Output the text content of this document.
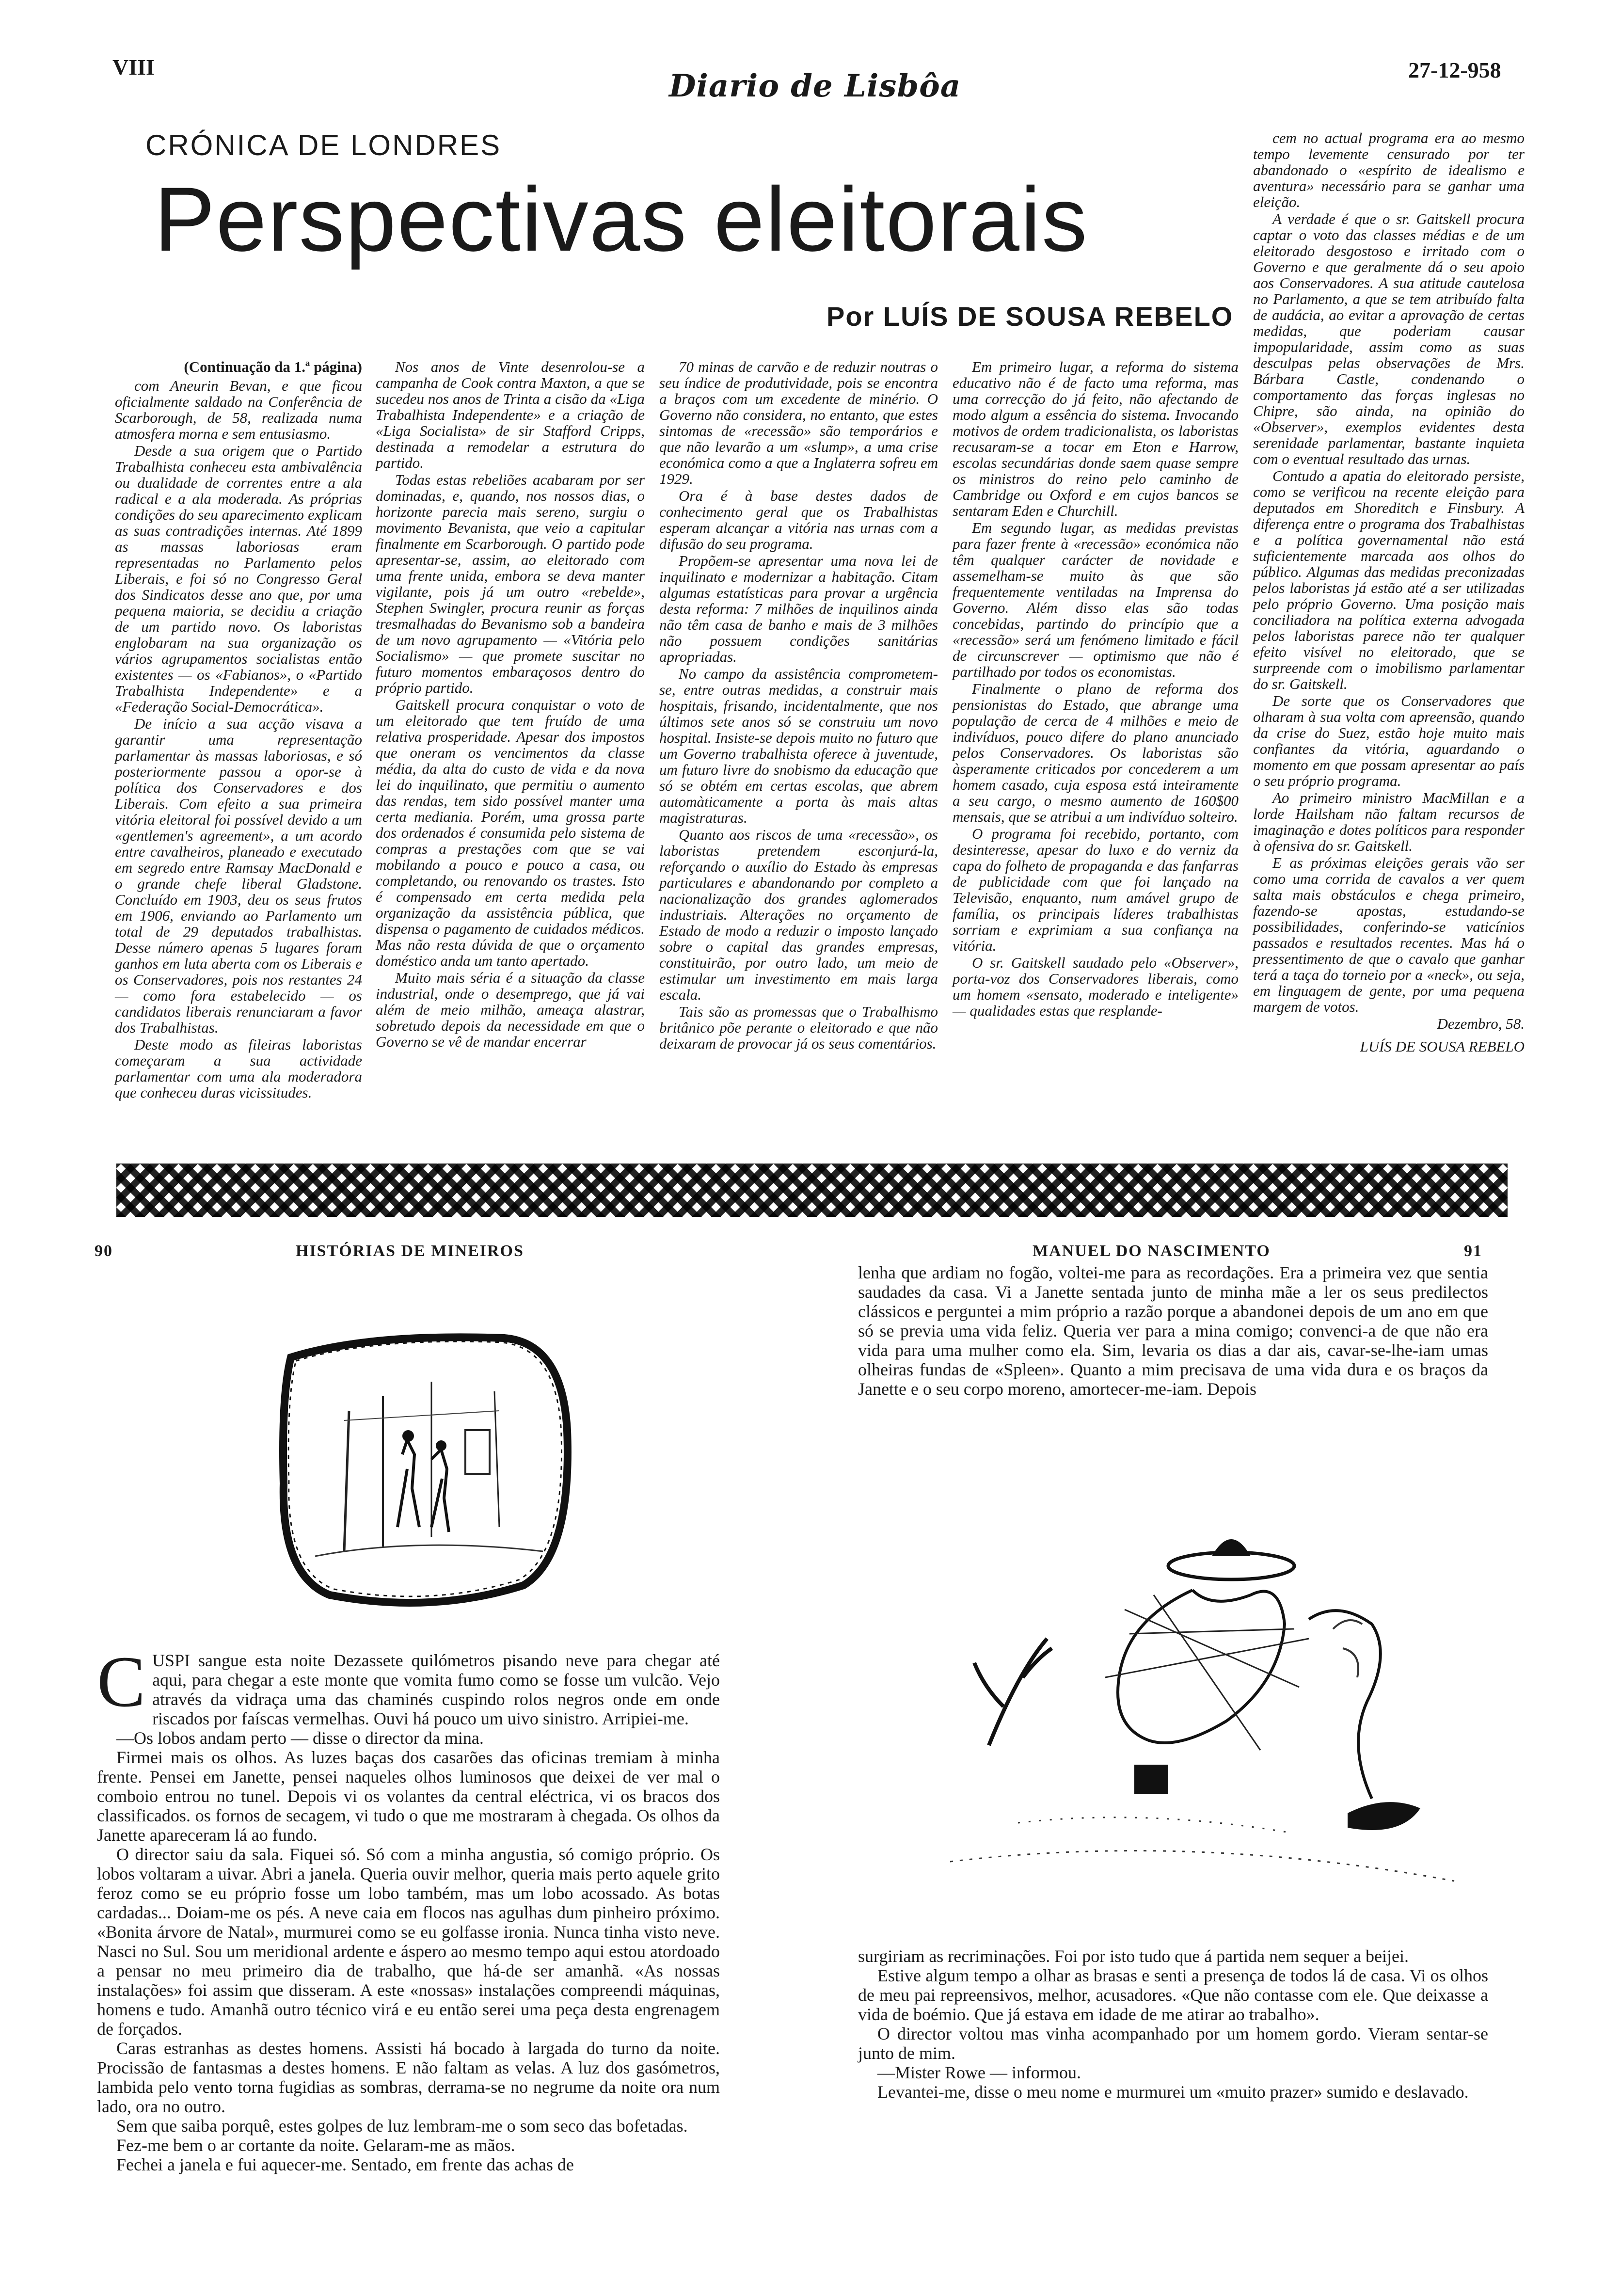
VIII
Diario de Lisbôa	27-12-958
CRÓNICA DE LONDRES
Perspectivas eleitorais
Por LUÍS DE SOUSA REBELO

(Continuação da 1.ª página)

com Aneurin Bevan, e que ficou oficialmente saldado na Conferência de Scarborough, de 58, realizada numa atmosfera morna e sem entusiasmo.

Desde a sua origem que o Partido Trabalhista conheceu esta ambivalência ou dualidade de correntes entre a ala radical e a ala moderada. As próprias condições do seu aparecimento explicam as suas contradições internas. Até 1899 as massas laboriosas eram representadas no Parlamento pelos Liberais, e foi só no Congresso Geral dos Sindicatos desse ano que, por uma pequena maioria, se decidiu a criação de um partido novo. Os laboristas englobaram na sua organização os vários agrupamentos socialistas então existentes — os «Fabianos», o «Partido Trabalhista Independente» e a «Federação Social-Democrática».

De início a sua acção visava a garantir uma representação parlamentar às massas laboriosas, e só posteriormente passou a opor-se à política dos Conservadores e dos Liberais. Com efeito a sua primeira vitória eleitoral foi possível devido a um «gentlemen's agreement», a um acordo entre cavalheiros, planeado e executado em segredo entre Ramsay MacDonald e o grande chefe liberal Gladstone. Concluído em 1903, deu os seus frutos em 1906, enviando ao Parlamento um total de 29 deputados trabalhistas. Desse número apenas 5 lugares foram ganhos em luta aberta com os Liberais e os Conservadores, pois nos restantes 24 — como fora estabelecido — os candidatos liberais renunciaram a favor dos Trabalhistas.

Deste modo as fileiras laboristas começaram a sua actividade parlamentar com uma ala moderadora que conheceu duras vicissitudes.

Nos anos de Vinte desenrolou-se a campanha de Cook contra Maxton, a que se sucedeu nos anos de Trinta a cisão da «Liga Trabalhista Independente» e a criação de «Liga Socialista» de sir Stafford Cripps, destinada a remodelar a estrutura do partido.

Todas estas rebeliões acabaram por ser dominadas, e, quando, nos nossos dias, o horizonte parecia mais sereno, surgiu o movimento Bevanista, que veio a capitular finalmente em Scarborough. O partido pode apresentar-se, assim, ao eleitorado com uma frente unida, embora se deva manter vigilante, pois já um outro «rebelde», Stephen Swingler, procura reunir as forças tresmalhadas do Bevanismo sob a bandeira de um novo agrupamento — «Vitória pelo Socialismo» — que promete suscitar no futuro momentos embaraçosos dentro do próprio partido.

Gaitskell procura conquistar o voto de um eleitorado que tem fruído de uma relativa prosperidade. Apesar dos impostos que oneram os vencimentos da classe média, da alta do custo de vida e da nova lei do inquilinato, que permitiu o aumento das rendas, tem sido possível manter uma certa mediania. Porém, uma grossa parte dos ordenados é consumida pelo sistema de compras a prestações com que se vai mobilando a pouco e pouco a casa, ou completando, ou renovando os trastes. Isto é compensado em certa medida pela organização da assistência pública, que dispensa o pagamento de cuidados médicos. Mas não resta dúvida de que o orçamento doméstico anda um tanto apertado.

Muito mais séria é a situação da classe industrial, onde o desemprego, que já vai além de meio milhão, ameaça alastrar, sobretudo depois da necessidade em que o Governo se vê de mandar encerrar

70 minas de carvão e de reduzir noutras o seu índice de produtividade, pois se encontra a braços com um excedente de minério. O Governo não considera, no entanto, que estes sintomas de «recessão» são temporários e que não levarão a um «slump», a uma crise económica como a que a Inglaterra sofreu em 1929.

Ora é à base destes dados de conhecimento geral que os Trabalhistas esperam alcançar a vitória nas urnas com a difusão do seu programa.

Propõem-se apresentar uma nova lei de inquilinato e modernizar a habitação. Citam algumas estatísticas para provar a urgência desta reforma: 7 milhões de inquilinos ainda não têm casa de banho e mais de 3 milhões não possuem condições sanitárias apropriadas.

No campo da assistência comprometem-se, entre outras medidas, a construir mais hospitais, frisando, incidentalmente, que nos últimos sete anos só se construiu um novo hospital. Insiste-se depois muito no futuro que um Governo trabalhista oferece à juventude, um futuro livre do snobismo da educação que só se obtém em certas escolas, que abrem automàticamente a porta às mais altas magistraturas.

Quanto aos riscos de uma «recessão», os laboristas pretendem esconjurá-la, reforçando o auxílio do Estado às empresas particulares e abandonando por completo a nacionalização dos grandes aglomerados industriais. Alterações no orçamento de Estado de modo a reduzir o imposto lançado sobre o capital das grandes empresas, constituirão, por outro lado, um meio de estimular um investimento em mais larga escala.

Tais são as promessas que o Trabalhismo britânico põe perante o eleitorado e que não deixaram de provocar já os seus comentários.

Em primeiro lugar, a reforma do sistema educativo não é de facto uma reforma, mas uma correcção do já feito, não afectando de modo algum a essência do sistema. Invocando motivos de ordem tradicionalista, os laboristas recusaram-se a tocar em Eton e Harrow, escolas secundárias donde saem quase sempre os ministros do reino pelo caminho de Cambridge ou Oxford e em cujos bancos se sentaram Eden e Churchill.

Em segundo lugar, as medidas previstas para fazer frente à «recessão» económica não têm qualquer carácter de novidade e assemelham-se muito às que são frequentemente ventiladas na Imprensa do Governo. Além disso elas são todas concebidas, partindo do princípio que a «recessão» será um fenómeno limitado e fácil de circunscrever — optimismo que não é partilhado por todos os economistas.

Finalmente o plano de reforma dos pensionistas do Estado, que abrange uma população de cerca de 4 milhões e meio de indivíduos, pouco difere do plano anunciado pelos Conservadores. Os laboristas são àsperamente criticados por concederem a um homem casado, cuja esposa está inteiramente a seu cargo, o mesmo aumento de 160$00 mensais, que se atribui a um indivíduo solteiro.

O programa foi recebido, portanto, com desinteresse, apesar do luxo e do verniz da capa do folheto de propaganda e das fanfarras de publicidade com que foi lançado na Televisão, enquanto, num amável grupo de família, os principais líderes trabalhistas sorriam e exprimiam a sua confiança na vitória.

O sr. Gaitskell saudado pelo «Observer», porta-voz dos Conservadores liberais, como um homem «sensato, moderado e inteligente» — qualidades estas que resplande-

cem no actual programa era ao mesmo tempo levemente censurado por ter abandonado o «espírito de idealismo e aventura» necessário para se ganhar uma eleição.

A verdade é que o sr. Gaitskell procura captar o voto das classes médias e de um eleitorado desgostoso e irritado com o Governo e que geralmente dá o seu apoio aos Conservadores. A sua atitude cautelosa no Parlamento, a que se tem atribuído falta de audácia, ao evitar a aprovação de certas medidas, que poderiam causar impopularidade, assim como as suas desculpas pelas observações de Mrs. Bárbara Castle, condenando o comportamento das forças inglesas no Chipre, são ainda, na opinião do «Observer», exemplos evidentes desta serenidade parlamentar, bastante inquieta com o eventual resultado das urnas.

Contudo a apatia do eleitorado persiste, como se verificou na recente eleição para deputados em Shoreditch e Finsbury. A diferença entre o programa dos Trabalhistas e a política governamental não está suficientemente marcada aos olhos do público. Algumas das medidas preconizadas pelos laboristas já estão até a ser utilizadas pelo próprio Governo. Uma posição mais conciliadora na política externa advogada pelos laboristas parece não ter qualquer efeito visível no eleitorado, que se surpreende com o imobilismo parlamentar do sr. Gaitskell.

De sorte que os Conservadores que olharam à sua volta com apreensão, quando da crise do Suez, estão hoje muito mais confiantes da vitória, aguardando o momento em que possam apresentar ao país o seu próprio programa.

Ao primeiro ministro MacMillan e a lorde Hailsham não faltam recursos de imaginação e dotes políticos para responder à ofensiva do sr. Gaitskell.

E as próximas eleições gerais vão ser como uma corrida de cavalos a ver quem salta mais obstáculos e chega primeiro, fazendo-se apostas, estudando-se possibilidades, conferindo-se vaticínios passados e resultados recentes. Mas há o pressentimento de que o cavalo que ganhar terá a taça do torneio por a «neck», ou seja, em linguagem de gente, por uma pequena margem de votos.

Dezembro, 58.

LUÍS DE SOUSA REBELO

90	HISTÓRIAS DE MINEIROS	MANUEL DO NASCIMENTO	91
C USPI sangue esta noite Dezassete quilómetros pisando neve para chegar até aqui, para chegar a este monte que vomita fumo como se fosse um vulcão. Vejo através da vidraça uma das chaminés cuspindo rolos negros onde em onde riscados por faíscas vermelhas. Ouvi há pouco um uivo sinistro. Arripiei-me.

—Os lobos andam perto — disse o director da mina.

Firmei mais os olhos. As luzes baças dos casarões das oficinas tremiam à minha frente. Pensei em Janette, pensei naqueles olhos luminosos que deixei de ver mal o comboio entrou no tunel. Depois vi os volantes da central eléctrica, vi os bracos dos classificados. os fornos de secagem, vi tudo o que me mostraram à chegada. Os olhos da Janette apareceram lá ao fundo.

O director saiu da sala. Fiquei só. Só com a minha angustia, só comigo próprio. Os lobos voltaram a uivar. Abri a janela. Queria ouvir melhor, queria mais perto aquele grito feroz como se eu próprio fosse um lobo também, mas um lobo acossado. As botas cardadas... Doiam-me os pés. A neve caia em flocos nas agulhas dum pinheiro próximo. «Bonita árvore de Natal», murmurei como se eu golfasse ironia. Nunca tinha visto neve. Nasci no Sul. Sou um meridional ardente e áspero ao mesmo tempo aqui estou atordoado a pensar no meu primeiro dia de trabalho, que há-de ser amanhã. «As nossas instalações» foi assim que disseram. A este «nossas» instalações compreendi máquinas, homens e tudo. Amanhã outro técnico virá e eu então serei uma peça desta engrenagem de forçados.

Caras estranhas as destes homens. Assisti há bocado à largada do turno da noite. Procissão de fantasmas a destes homens. E não faltam as velas. A luz dos gasómetros, lambida pelo vento torna fugidias as sombras, derrama-se no negrume da noite ora num lado, ora no outro.

Sem que saiba porquê, estes golpes de luz lembram-me o som seco das bofetadas.

Fez-me bem o ar cortante da noite. Gelaram-me as mãos.

Fechei a janela e fui aquecer-me. Sentado, em frente das achas de

lenha que ardiam no fogão, voltei-me para as recordações. Era a primeira vez que sentia saudades da casa. Vi a Janette sentada junto de minha mãe a ler os seus predilectos clássicos e perguntei a mim próprio a razão porque a abandonei depois de um ano em que só se previa uma vida feliz. Queria ver para a mina comigo; convenci-a de que não era vida para uma mulher como ela. Sim, levaria os dias a dar ais, cavar-se-lhe-iam umas olheiras fundas de «Spleen». Quanto a mim precisava de uma vida dura e os braços da Janette e o seu corpo moreno, amortecer-me-iam. Depois

surgiriam as recriminações. Foi por isto tudo que á partida nem sequer a beijei.

Estive algum tempo a olhar as brasas e senti a presença de todos lá de casa. Vi os olhos de meu pai repreensivos, melhor, acusadores. «Que não contasse com ele. Que deixasse a vida de boémio. Que já estava em idade de me atirar ao trabalho».

O director voltou mas vinha acompanhado por um homem gordo. Vieram sentar-se junto de mim.

—Mister Rowe — informou.

Levantei-me, disse o meu nome e murmurei um «muito prazer» sumido e deslavado.
